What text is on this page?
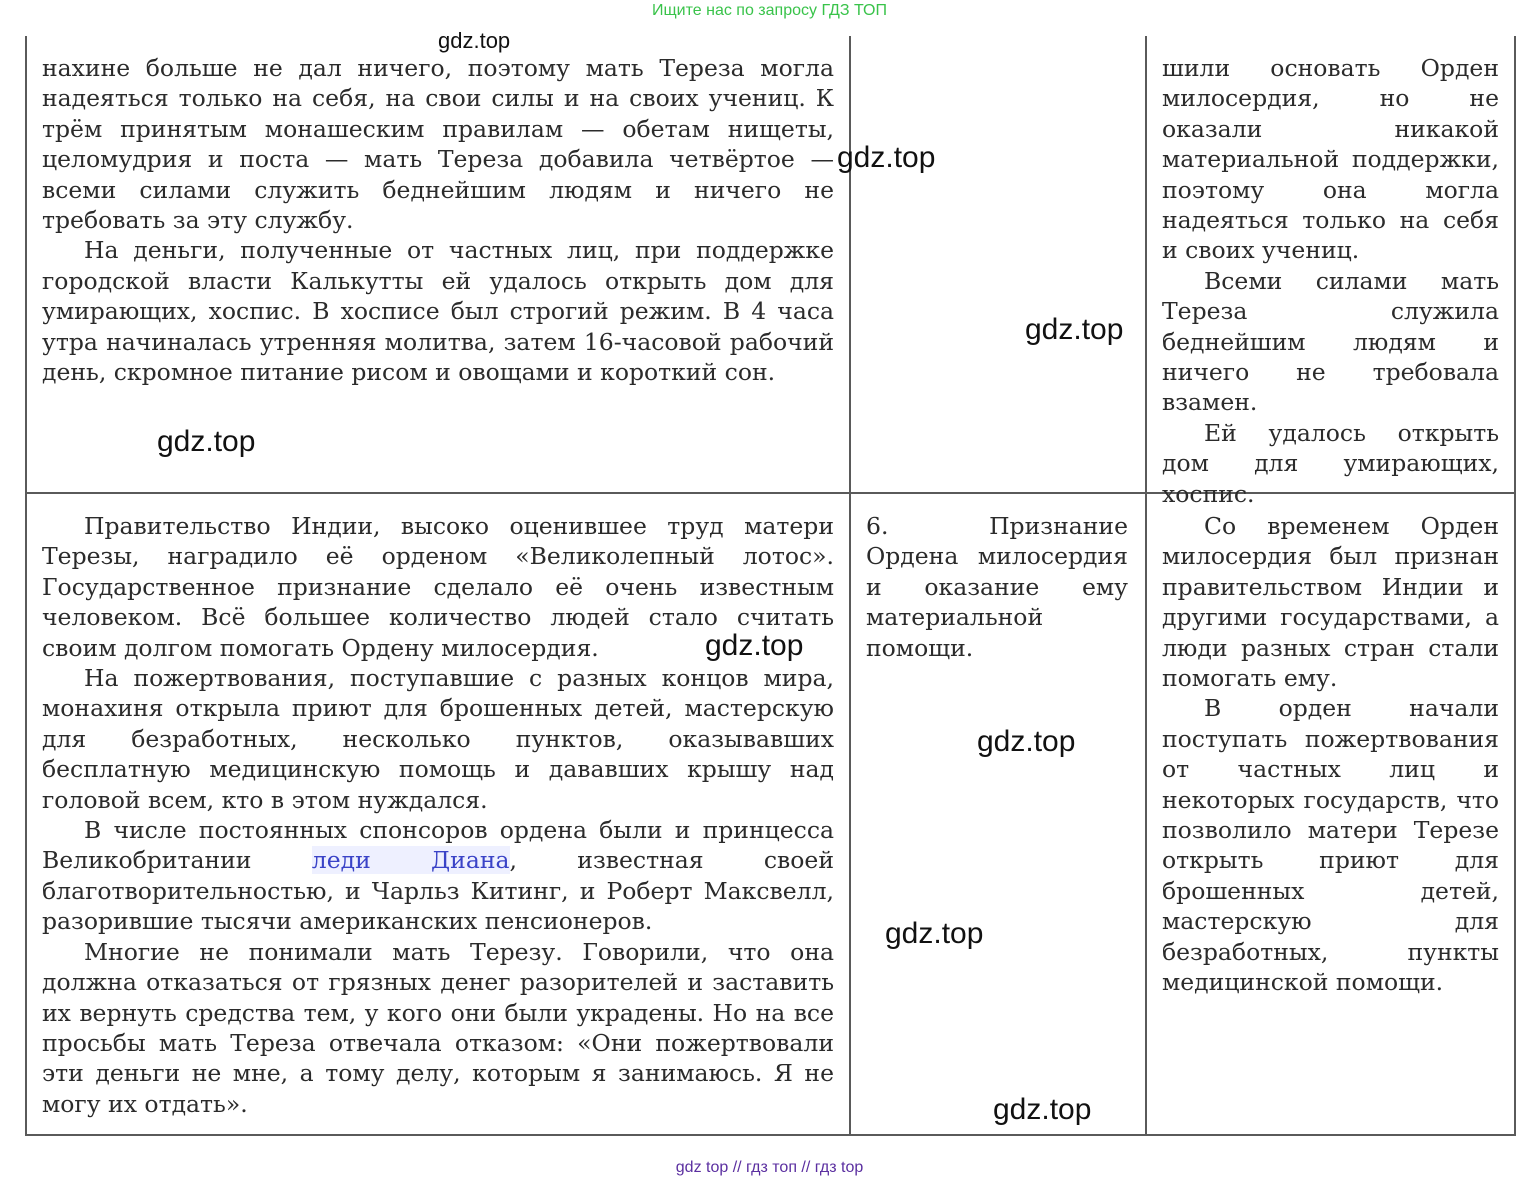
Ищите нас по запросу ГДЗ ТОП

нахине больше не дал ничего, поэтому мать Тереза могла надеяться только на себя, на свои силы и на своих учениц. К трём принятым монашеским правилам — обетам нищеты, целомудрия и поста — мать Тереза добавила четвёртое — всеми силами служить беднейшим людям и ничего не требовать за эту службу.

На деньги, полученные от частных лиц, при поддержке городской власти Калькутты ей удалось открыть дом для умирающих, хоспис. В хосписе был строгий режим. В 4 часа утра начиналась утренняя молитва, затем 16-часовой рабочий день, скромное питание рисом и овощами и короткий сон.

шили основать Орден милосердия, но не оказали никакой материальной поддержки, поэтому она могла надеяться только на себя и своих учениц.

Всеми силами мать Тереза служила беднейшим людям и ничего не требовала взамен.

Ей удалось открыть дом для умирающих, хоспис.

Правительство Индии, высоко оценившее труд матери Терезы, наградило её орденом «Великолепный лотос». Государственное признание сделало её очень известным человеком. Всё большее количество людей стало считать своим долгом помогать Ордену милосердия.

На пожертвования, поступавшие с разных концов мира, монахиня открыла приют для брошенных детей, мастерскую для безработных, несколько пунктов, оказывавших бесплатную медицинскую помощь и дававших крышу над головой всем, кто в этом нуждался.

В числе постоянных спонсоров ордена были и принцесса Великобритании леди Диана, известная своей благотворительностью, и Чарльз Китинг, и Роберт Максвелл, разорившие тысячи американских пенсионеров.

Многие не понимали мать Терезу. Говорили, что она должна отказаться от грязных денег разорителей и заставить их вернуть средства тем, у кого они были украдены. Но на все просьбы мать Тереза отвечала отказом: «Они пожертвовали эти деньги не мне, а тому делу, которым я занимаюсь. Я не могу их отдать».

6. Признание Ордена милосердия и оказание ему материальной помощи.

Со временем Орден милосердия был признан правительством Индии и другими государствами, а люди разных стран стали помогать ему.

В орден начали поступать пожертвования от частных лиц и некоторых государств, что позволило матери Терезе открыть приют для брошенных детей, мастерскую для безработных, пункты медицинской помощи.

gdz.top
gdz.top
gdz.top
gdz.top
gdz.top
gdz.top
gdz.top
gdz.top
gdz top // гдз топ // гдз top
